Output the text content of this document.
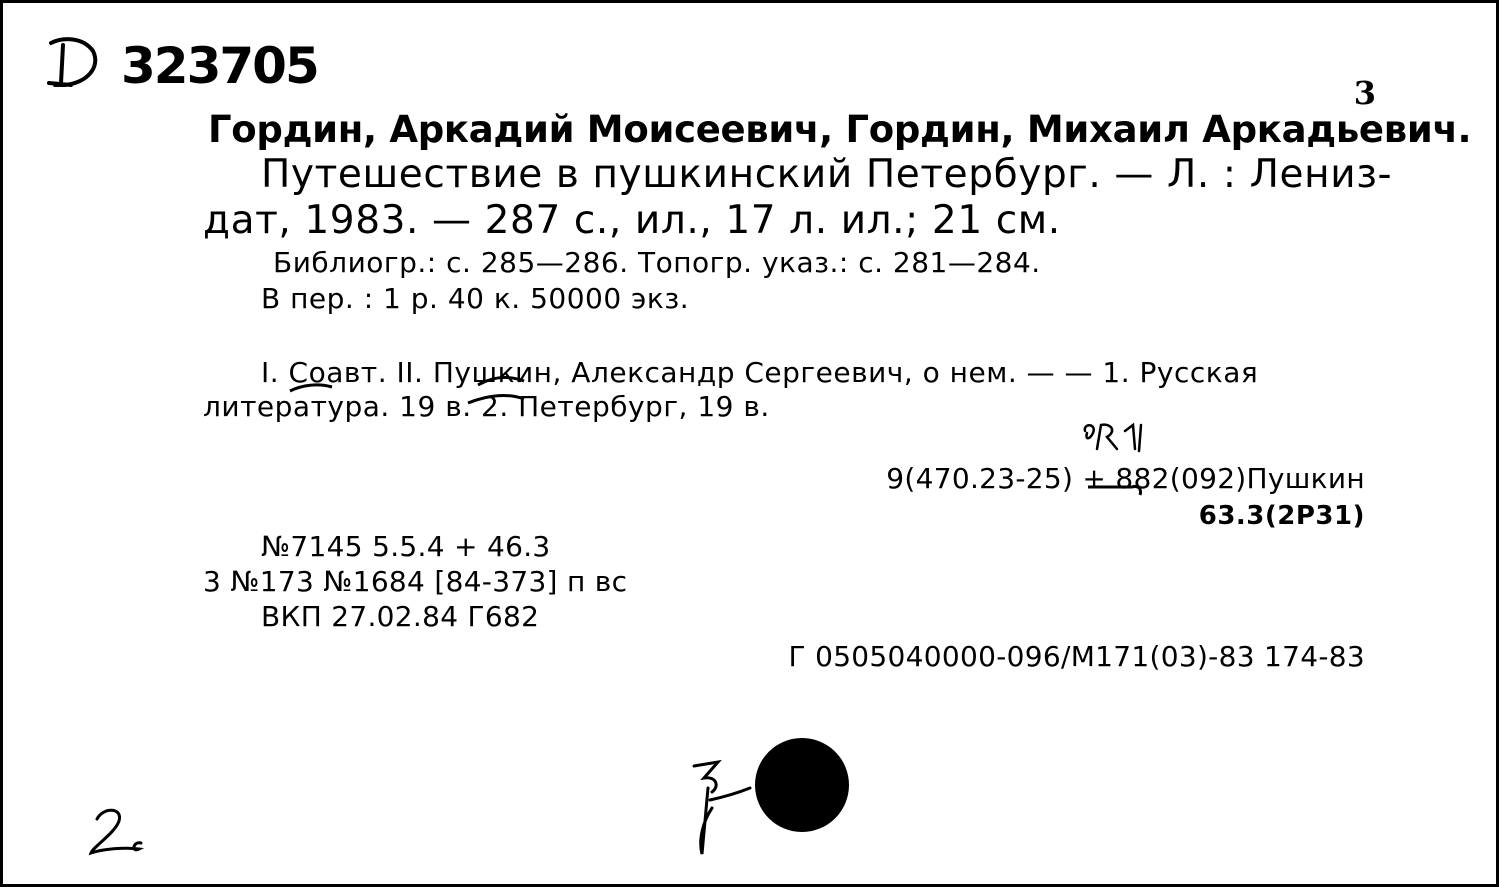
323705	3
Гордин, Аркадий Моисеевич, Гордин, Михаил Аркадьевич.
Путешествие в пушкинский Петербург. — Л. : Лениз-
дат, 1983. — 287 с., ил., 17 л. ил.; 21 см.
Библиогр.: с. 285—286. Топогр. указ.: с. 281—284.
В пер. : 1 р. 40 к. 50000 экз.
I. Соавт. II. Пушкин, Александр Сергеевич, о нем. — — 1. Русская
литература. 19 в. 2. Петербург, 19 в.
9(470.23-25) + 882(092)Пушкин
63.3(2Р31)
№7145 5.5.4 + 46.3
3 №173 №1684 [84-373] п вс
ВКП 27.02.84 Г682
Г 0505040000-096/М171(03)-83 174-83
